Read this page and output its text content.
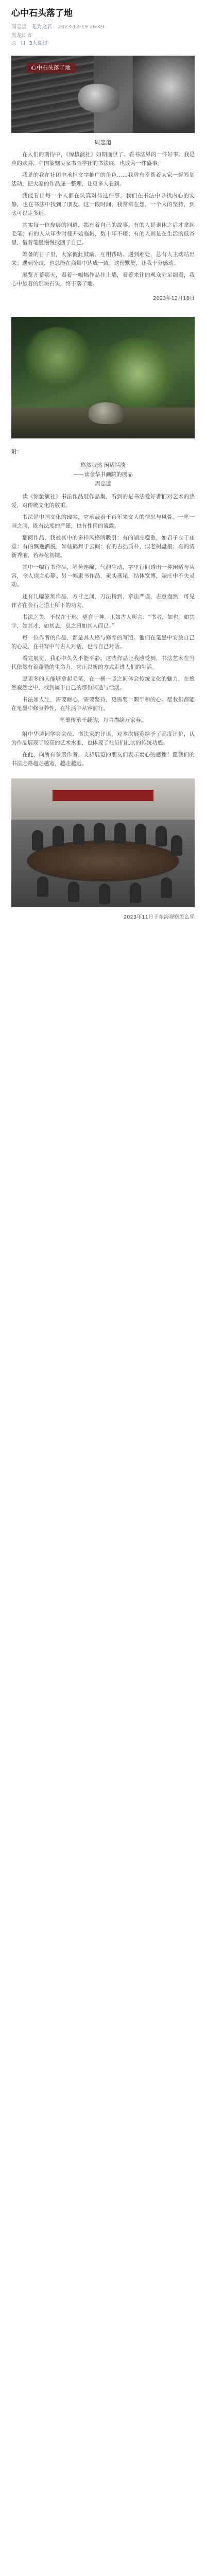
心中石头落了地
周忠道 无为之君 2023-12-19 16:49
黑龙江省
◎ 口 3人阅过
心中石头落了地
周忠道

在人们的期待中，《惊蛰演社》如期面世了。看书法界的一件好事。我是真的欢喜，中国篆刻吴家书画学社的书法展，也成为一件盛事。

我是的我在社团中承担文字推广的角色……我曾有幸帮着大家一起筹划活动，把大家的作品逐一整理，让更多人看到。

我能看出每一个人都在认真对待这件事。我们在书法中寻找内心的安静，也在书法中找到了朋友。这一段时间，我常常在想，一个人的坚持，到底可以走多远。

其实每一位参展的同道，都有着自己的故事。有的人是退休之后才拿起毛笔；有的人从年少时便开始临帖，数十年不辍；有的人则是在生活的低谷里，借着笔墨慢慢找回了自己。

筹备的日子里，大家彼此鼓励、互相帮助。遇到难处，总有人主动站出来；遇到分歧，也总能在商量中达成一致。这份默契，让我十分感动。

展览开幕那天，看着一幅幅作品挂上墙，看着来往的观众驻足细看，我心中悬着的那块石头，终于落了地。

2023年12月18日

附：
悠然寂然 闲适恬淡
——读金华书画院的展品
周忠道

读《惊蛰演社》书法作品展作品集，看到的是书法爱好者们对艺术的热爱，对传统文化的敬重。

书法是中国文化的瑰宝，它承载着千百年来文人的情思与风骨。一笔一画之间，既有法度的严谨，也有性情的流露。

翻阅作品，我被其中的多样风格所吸引：有的端庄稳重，如君子立于庙堂；有的飘逸洒脱，如仙鹤舞于云间；有的古拙质朴，似老树盘根；有的清新秀丽，若春花初绽。

其中一幅行书作品，笔势连绵，气韵生动，字里行间透出一种闲适与从容，令人读之心静。另一幅隶书作品，蚕头燕尾，结体宽博，端庄中不失灵动。

还有几幅篆刻作品，方寸之间，刀法精到，章法严谨，古意盎然，可见作者在金石之道上所下的功夫。

书法之美，不仅在于形，更在于神。正如古人所言：“书者，如也。如其学，如其才，如其志，总之曰如其人而已。”

每一位作者的作品，都是其人格与修养的写照。他们在笔墨中安放自己的心灵，在书写中与古人对话，也与自己对话。

看完展览，我心中久久不能平静。这些作品让我感受到，书法艺术在当代依然有着蓬勃的生命力，它正以新的方式走进人们的生活。

愿更多的人能够拿起毛笔，在一横一竖之间体会传统文化的魅力，在悠然寂然之中，找到属于自己的那份闲适与恬淡。

书法如人生，需要耐心，需要坚持，更需要一颗平和的心。愿我们都能在笔墨中修身养性，在生活中从容前行。

笔墨传承千载韵，丹青描绘万家春。

附中华诗词学会会员、书法家的评语，对本次展览给予了高度评价，认为作品展现了较高的艺术水准，也体现了社员们扎实的传统功底。

在此，向所有参展作者、支持展览的朋友们表示衷心的感谢！愿我们的书法之路越走越宽，越走越远。

2023年11月于东海观察怎么坐
